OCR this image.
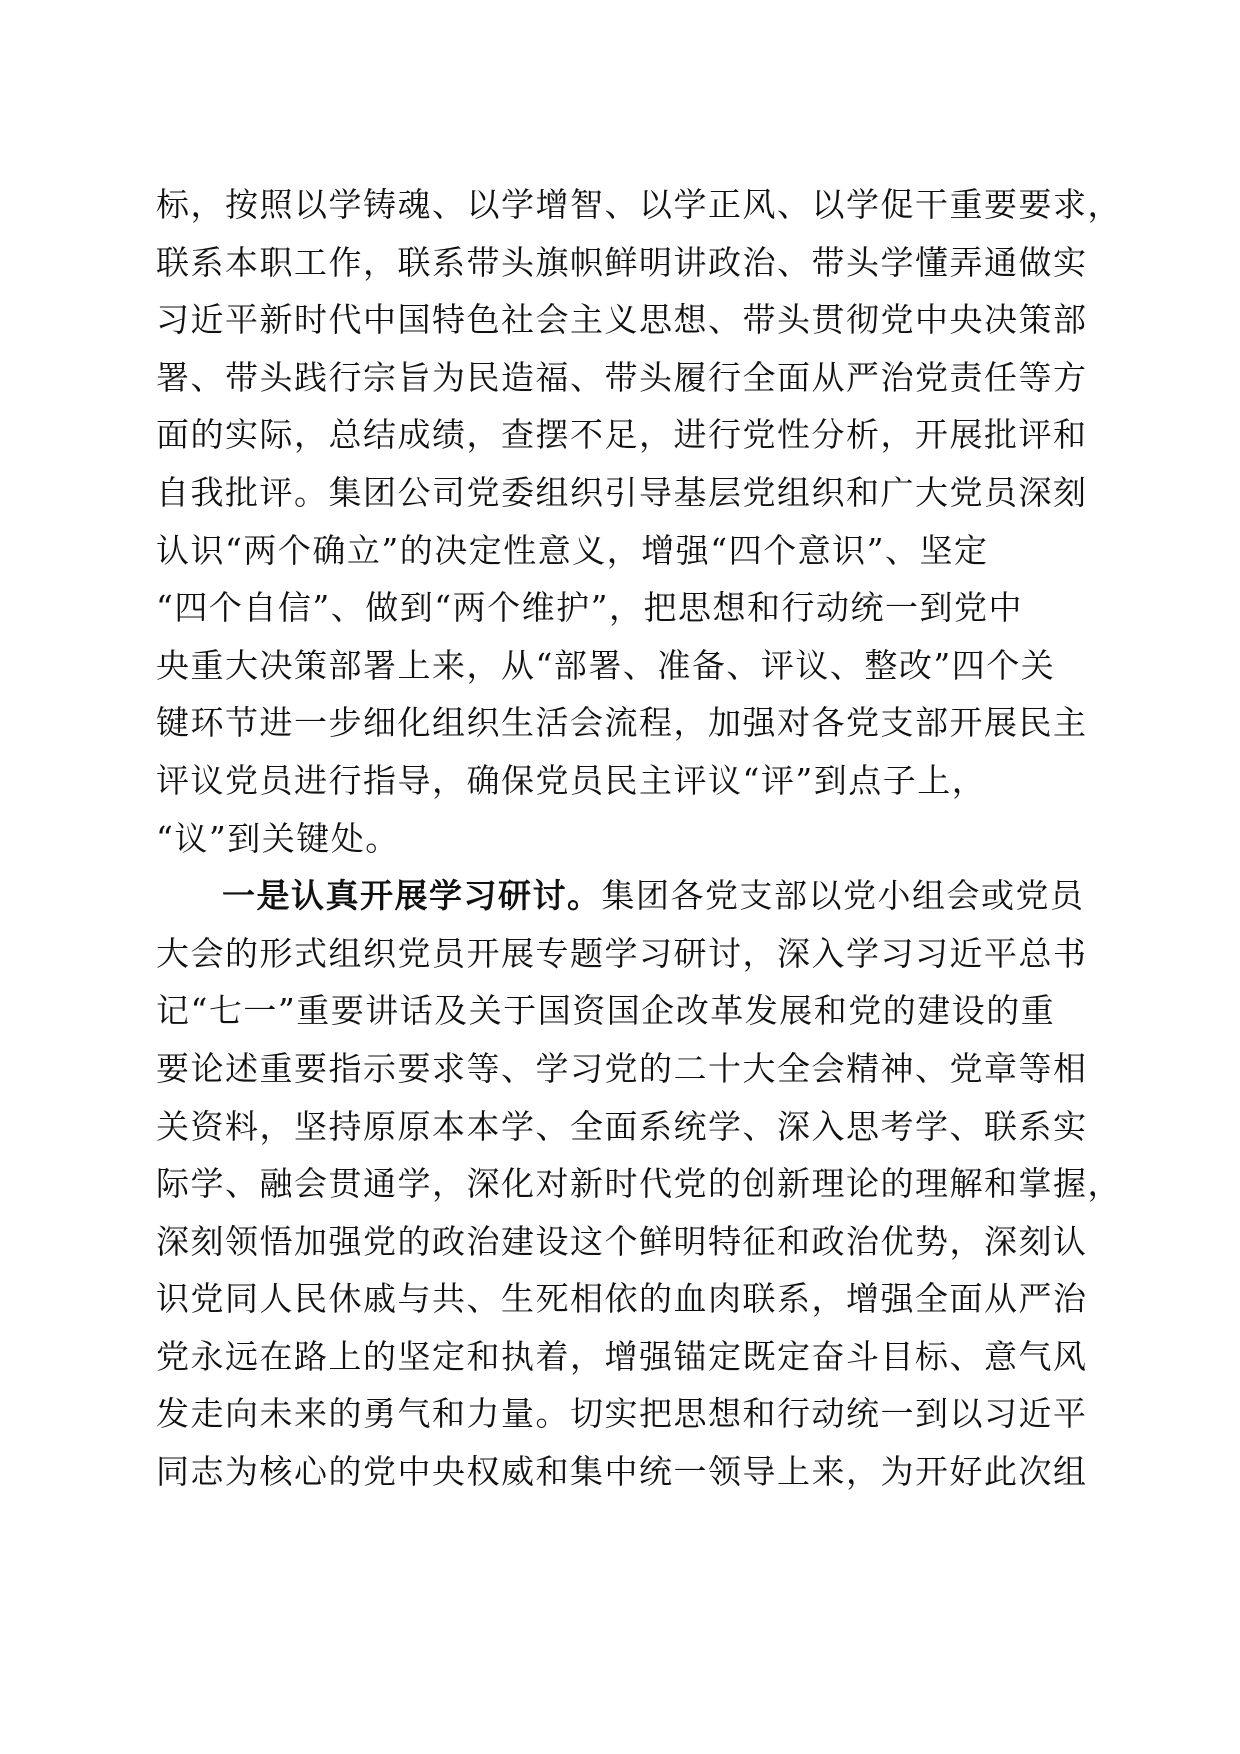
标，按照以学铸魂、以学增智、以学正风、以学促干重要要求，
联系本职工作，联系带头旗帜鲜明讲政治、带头学懂弄通做实
习近平新时代中国特色社会主义思想、带头贯彻党中央决策部
署、带头践行宗旨为民造福、带头履行全面从严治党责任等方
面的实际，总结成绩，查摆不足，进行党性分析，开展批评和
自我批评。集团公司党委组织引导基层党组织和广大党员深刻
认识“两个确立”的决定性意义，增强“四个意识”、坚定
“四个自信”、做到“两个维护”，把思想和行动统一到党中
央重大决策部署上来，从“部署、准备、评议、整改”四个关
键环节进一步细化组织生活会流程，加强对各党支部开展民主
评议党员进行指导，确保党员民主评议“评”到点子上，
“议”到关键处。
一是认真开展学习研讨。集团各党支部以党小组会或党员
大会的形式组织党员开展专题学习研讨，深入学习习近平总书
记“七一”重要讲话及关于国资国企改革发展和党的建设的重
要论述重要指示要求等、学习党的二十大全会精神、党章等相
关资料，坚持原原本本学、全面系统学、深入思考学、联系实
际学、融会贯通学，深化对新时代党的创新理论的理解和掌握，
深刻领悟加强党的政治建设这个鲜明特征和政治优势，深刻认
识党同人民休戚与共、生死相依的血肉联系，增强全面从严治
党永远在路上的坚定和执着，增强锚定既定奋斗目标、意气风
发走向未来的勇气和力量。切实把思想和行动统一到以习近平
同志为核心的党中央权威和集中统一领导上来，为开好此次组
